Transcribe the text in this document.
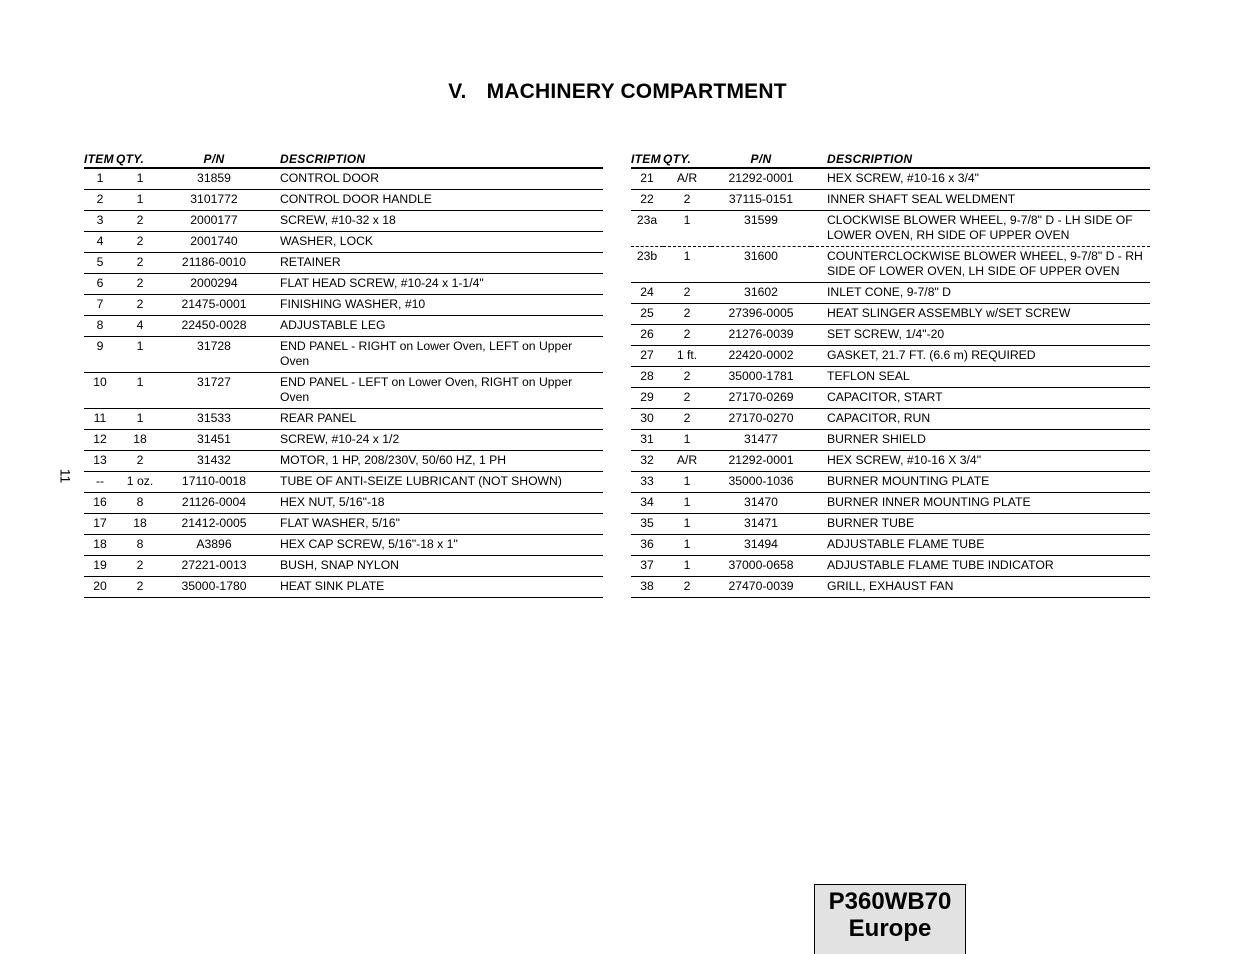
V. MACHINERY COMPARTMENT
11
ITEM	QTY.	P/N	DESCRIPTION
1	1	31859	CONTROL DOOR
2	1	3101772	CONTROL DOOR HANDLE
3	2	2000177	SCREW, #10-32 x 18
4	2	2001740	WASHER, LOCK
5	2	21186-0010	RETAINER
6	2	2000294	FLAT HEAD SCREW, #10-24 x 1-1/4"
7	2	21475-0001	FINISHING WASHER, #10
8	4	22450-0028	ADJUSTABLE LEG
9	1	31728	END PANEL - RIGHT on Lower Oven, LEFT on Upper Oven
10	1	31727	END PANEL - LEFT on Lower Oven, RIGHT on Upper Oven
11	1	31533	REAR PANEL
12	18	31451	SCREW, #10-24 x 1/2
13	2	31432	MOTOR, 1 HP, 208/230V, 50/60 HZ, 1 PH
--	1 oz.	17110-0018	TUBE OF ANTI-SEIZE LUBRICANT (NOT SHOWN)
16	8	21126-0004	HEX NUT, 5/16"-18
17	18	21412-0005	FLAT WASHER, 5/16"
18	8	A3896	HEX CAP SCREW, 5/16"-18 x 1"
19	2	27221-0013	BUSH, SNAP NYLON
20	2	35000-1780	HEAT SINK PLATE
ITEM	QTY.	P/N	DESCRIPTION
21	A/R	21292-0001	HEX SCREW, #10-16 x 3/4"
22	2	37115-0151	INNER SHAFT SEAL WELDMENT
23a	1	31599	CLOCKWISE BLOWER WHEEL, 9-7/8" D - LH SIDE OF LOWER OVEN, RH SIDE OF UPPER OVEN
23b	1	31600	COUNTERCLOCKWISE BLOWER WHEEL, 9-7/8" D - RH SIDE OF LOWER OVEN, LH SIDE OF UPPER OVEN
24	2	31602	INLET CONE, 9-7/8" D
25	2	27396-0005	HEAT SLINGER ASSEMBLY w/SET SCREW
26	2	21276-0039	SET SCREW, 1/4"-20
27	1 ft.	22420-0002	GASKET, 21.7 FT. (6.6 m) REQUIRED
28	2	35000-1781	TEFLON SEAL
29	2	27170-0269	CAPACITOR, START
30	2	27170-0270	CAPACITOR, RUN
31	1	31477	BURNER SHIELD
32	A/R	21292-0001	HEX SCREW, #10-16 X 3/4"
33	1	35000-1036	BURNER MOUNTING PLATE
34	1	31470	BURNER INNER MOUNTING PLATE
35	1	31471	BURNER TUBE
36	1	31494	ADJUSTABLE FLAME TUBE
37	1	37000-0658	ADJUSTABLE FLAME TUBE INDICATOR
38	2	27470-0039	GRILL, EXHAUST FAN
P360WB70
Europe
